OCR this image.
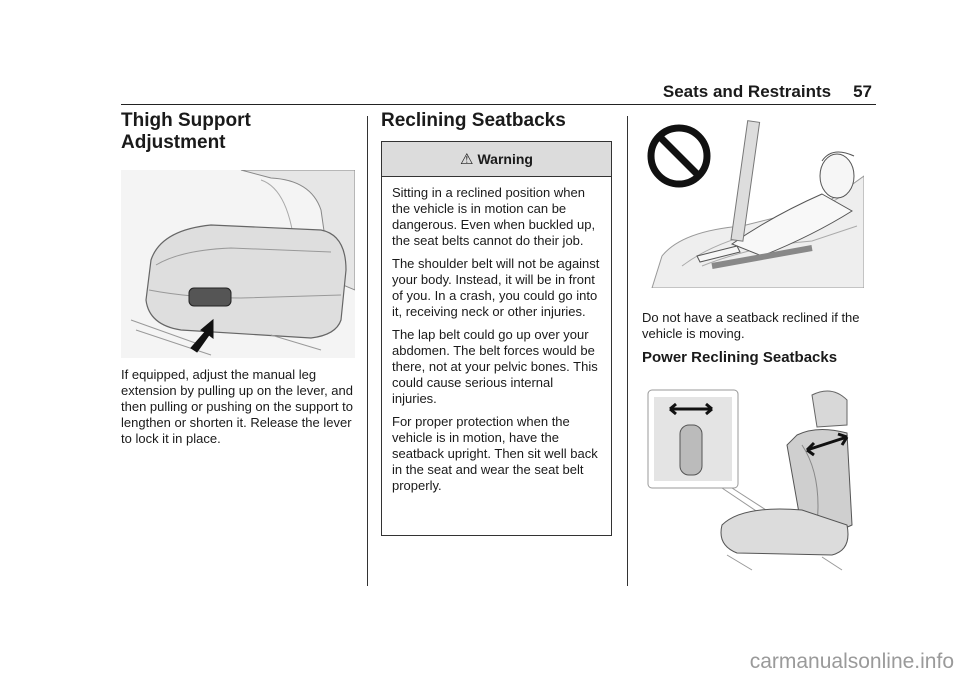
Seats and Restraints 57
Thigh Support
Adjustment

If equipped, adjust the manual leg extension by pulling up on the lever, and then pulling or pushing on the support to lengthen or shorten it. Release the lever to lock it in place.

Reclining Seatbacks
⚠ Warning

Sitting in a reclined position when the vehicle is in motion can be dangerous. Even when buckled up, the seat belts cannot do their job.

The shoulder belt will not be against your body. Instead, it will be in front of you. In a crash, you could go into it, receiving neck or other injuries.

The lap belt could go up over your abdomen. The belt forces would be there, not at your pelvic bones. This could cause serious internal injuries.

For proper protection when the vehicle is in motion, have the seatback upright. Then sit well back in the seat and wear the seat belt properly.

Do not have a seatback reclined if the vehicle is moving.

Power Reclining Seatbacks
carmanualsonline.info
